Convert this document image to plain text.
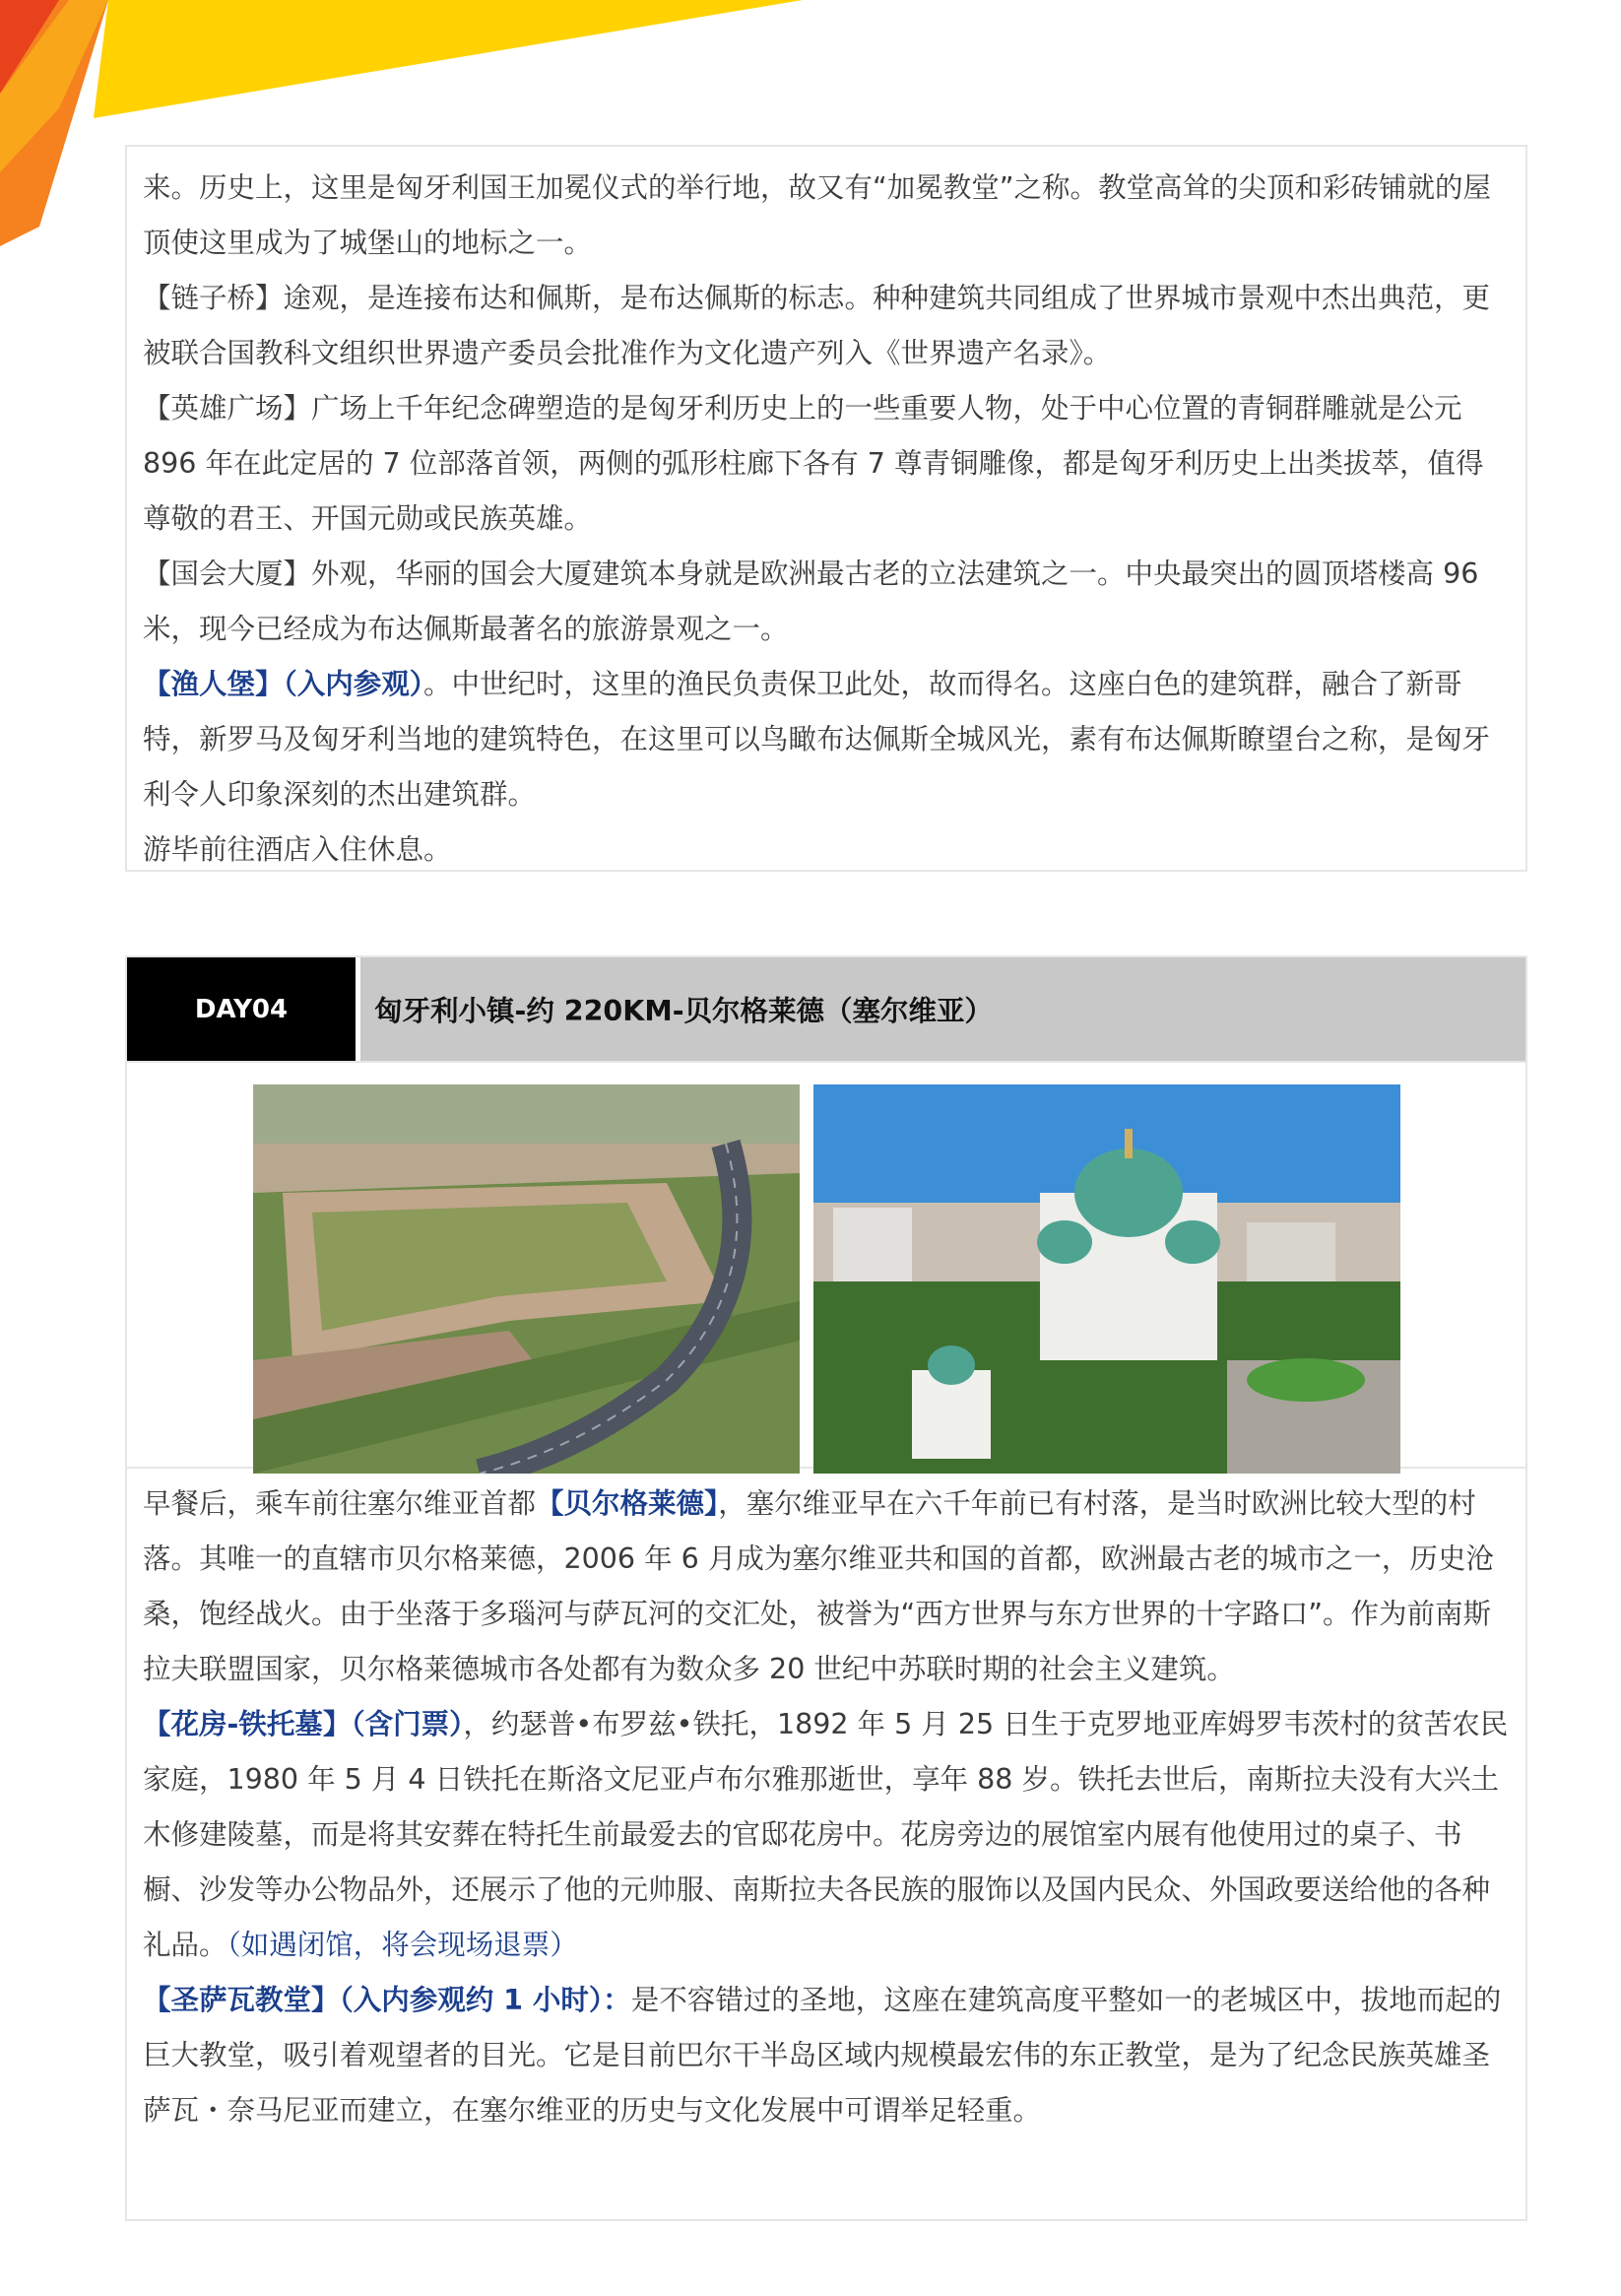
来。历史上，这里是匈牙利国王加冕仪式的举行地，故又有“加冕教堂”之称。教堂高耸的尖顶和彩砖铺就的屋顶使这里成为了城堡山的地标之一。

【链子桥】途观，是连接布达和佩斯，是布达佩斯的标志。种种建筑共同组成了世界城市景观中杰出典范，更被联合国教科文组织世界遗产委员会批准作为文化遗产列入《世界遗产名录》。

【英雄广场】广场上千年纪念碑塑造的是匈牙利历史上的一些重要人物，处于中心位置的青铜群雕就是公元 896 年在此定居的 7 位部落首领，两侧的弧形柱廊下各有 7 尊青铜雕像，都是匈牙利历史上出类拔萃，值得尊敬的君王、开国元勋或民族英雄。

【国会大厦】外观，华丽的国会大厦建筑本身就是欧洲最古老的立法建筑之一。中央最突出的圆顶塔楼高 96 米，现今已经成为布达佩斯最著名的旅游景观之一。

【渔人堡】（入内参观）。中世纪时，这里的渔民负责保卫此处，故而得名。这座白色的建筑群，融合了新哥特，新罗马及匈牙利当地的建筑特色，在这里可以鸟瞰布达佩斯全城风光，素有布达佩斯瞭望台之称，是匈牙利令人印象深刻的杰出建筑群。

游毕前往酒店入住休息。

DAY04	匈牙利小镇-约 220KM-贝尔格莱德（塞尔维亚）

早餐后，乘车前往塞尔维亚首都【贝尔格莱德】，塞尔维亚早在六千年前已有村落，是当时欧洲比较大型的村落。其唯一的直辖市贝尔格莱德，2006 年 6 月成为塞尔维亚共和国的首都，欧洲最古老的城市之一，历史沧桑，饱经战火。由于坐落于多瑙河与萨瓦河的交汇处，被誉为“西方世界与东方世界的十字路口”。作为前南斯拉夫联盟国家，贝尔格莱德城市各处都有为数众多 20 世纪中苏联时期的社会主义建筑。

【花房-铁托墓】（含门票），约瑟普•布罗兹•铁托，1892 年 5 月 25 日生于克罗地亚库姆罗韦茨村的贫苦农民家庭，1980 年 5 月 4 日铁托在斯洛文尼亚卢布尔雅那逝世，享年 88 岁。铁托去世后，南斯拉夫没有大兴土木修建陵墓，而是将其安葬在特托生前最爱去的官邸花房中。花房旁边的展馆室内展有他使用过的桌子、书橱、沙发等办公物品外，还展示了他的元帅服、南斯拉夫各民族的服饰以及国内民众、外国政要送给他的各种礼品。（如遇闭馆，将会现场退票）

【圣萨瓦教堂】（入内参观约 1 小时）：是不容错过的圣地，这座在建筑高度平整如一的老城区中，拔地而起的巨大教堂，吸引着观望者的目光。它是目前巴尔干半岛区域内规模最宏伟的东正教堂，是为了纪念民族英雄圣萨瓦・奈马尼亚而建立，在塞尔维亚的历史与文化发展中可谓举足轻重。
